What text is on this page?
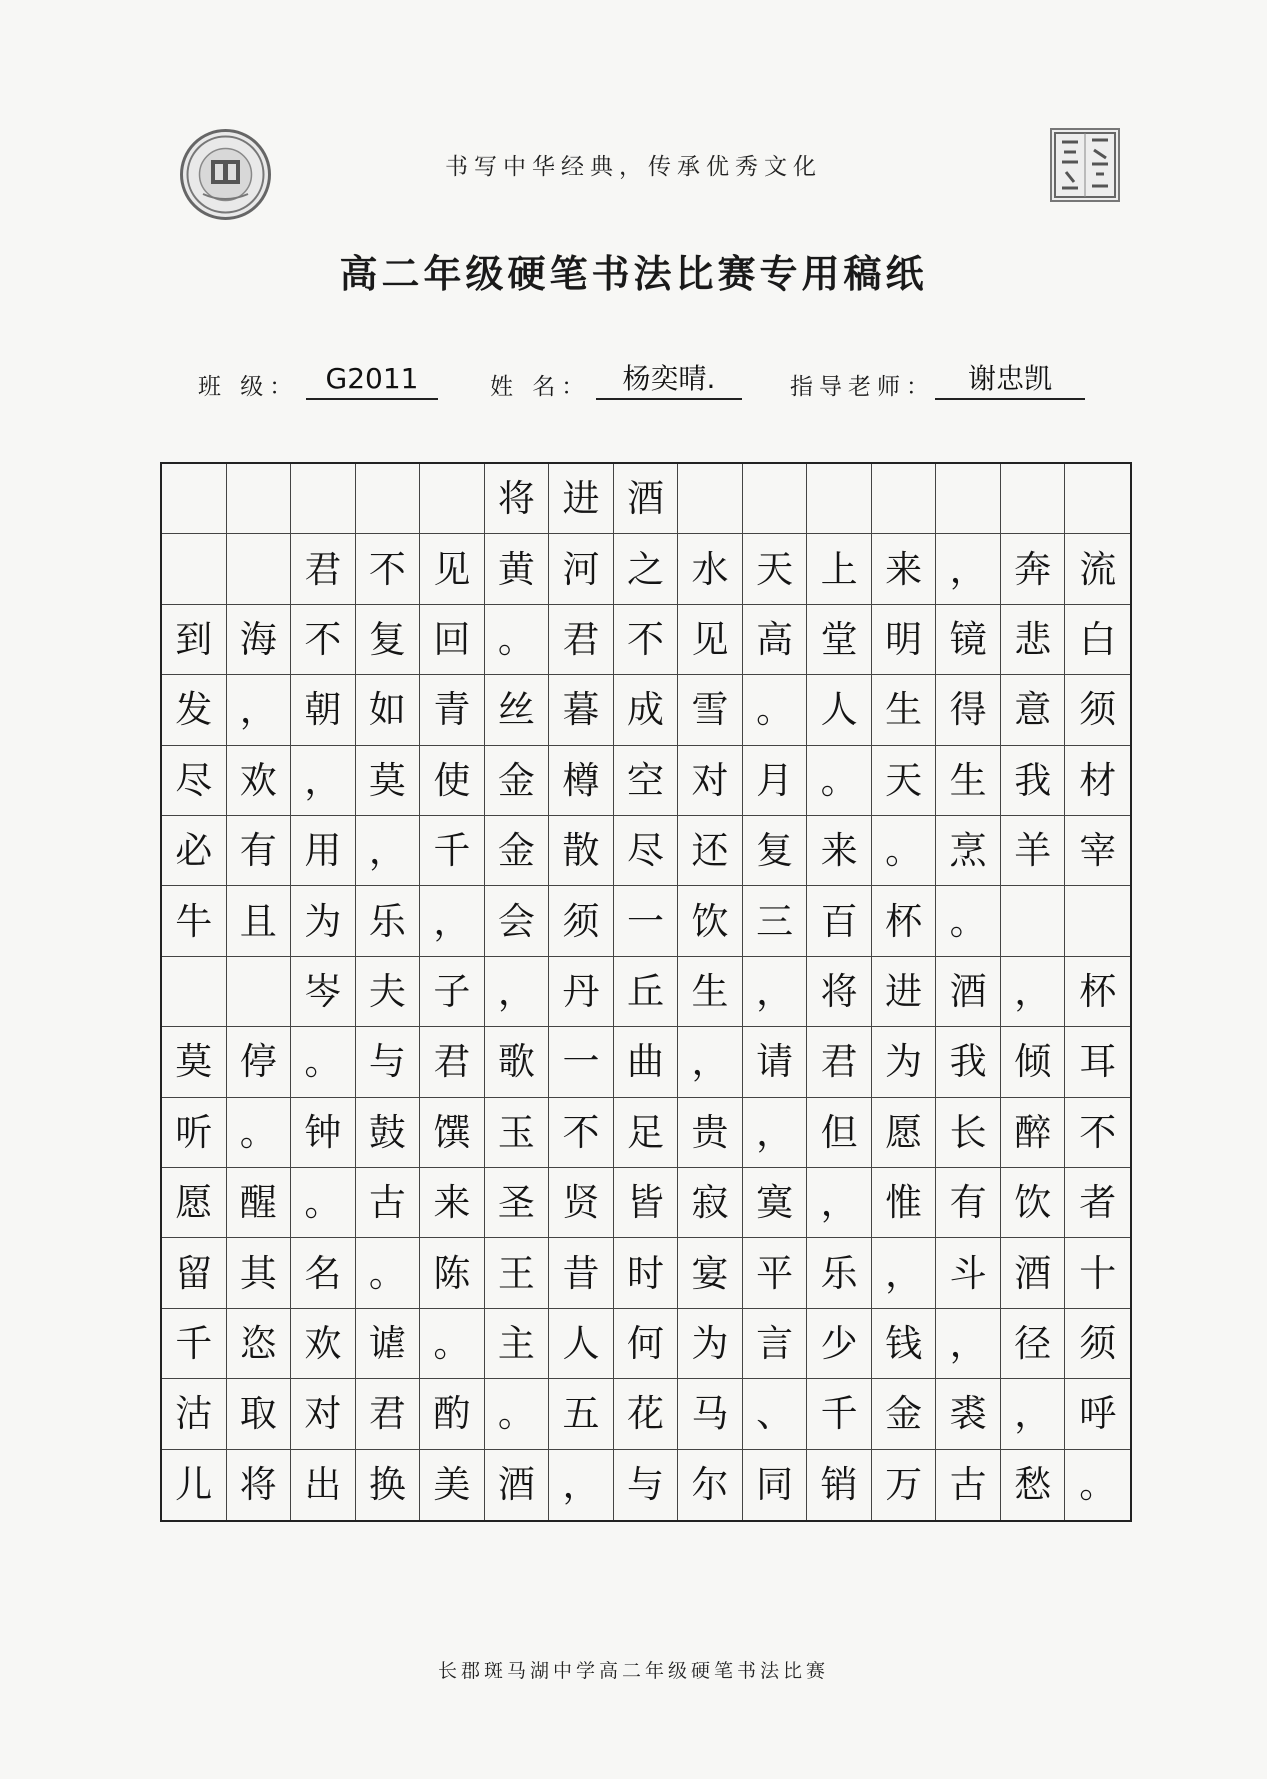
书写中华经典，传承优秀文化
高二年级硬笔书法比赛专用稿纸
班 级： G2011	姓 名：	杨奕晴.	指导老师：	谢忠凯
将 进 酒
君 不 见 黄 河 之 水 天 上 来 ， 奔 流
到 海 不 复 回 。 君 不 见 高 堂 明 镜 悲 白
发 ， 朝 如 青 丝 暮 成 雪 。 人 生 得 意 须
尽 欢 ， 莫 使 金 樽 空 对 月 。 天 生 我 材
必 有 用 ， 千 金 散 尽 还 复 来 。 烹 羊 宰
牛 且 为 乐 ， 会 须 一 饮 三 百 杯 。
岑 夫 子 ， 丹 丘 生 ， 将 进 酒 ， 杯
莫 停 。 与 君 歌 一 曲 ， 请 君 为 我 倾 耳
听 。 钟 鼓 馔 玉 不 足 贵 ， 但 愿 长 醉 不
愿 醒 。 古 来 圣 贤 皆 寂 寞 ， 惟 有 饮 者
留 其 名 。 陈 王 昔 时 宴 平 乐 ， 斗 酒 十
千 恣 欢 谑 。 主 人 何 为 言 少 钱 ， 径 须
沽 取 对 君 酌 。 五 花 马 、 千 金 裘 ， 呼
儿 将 出 换 美 酒 ， 与 尔 同 销 万 古 愁 。
长郡斑马湖中学高二年级硬笔书法比赛
